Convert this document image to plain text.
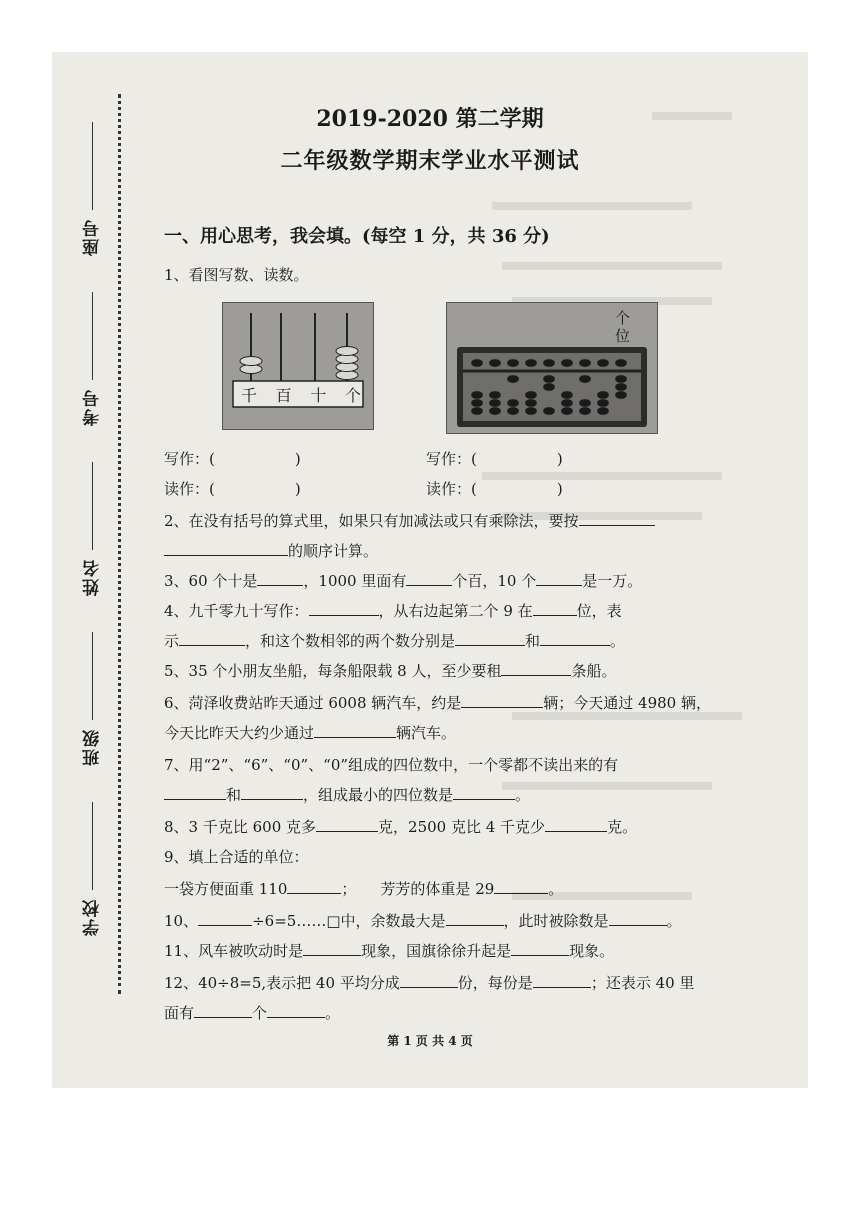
座号
考号
姓名
班级
学校
2019-2020 第二学期
二年级数学期末学业水平测试
一、用心思考，我会填。(每空 1 分，共 36 分)
1、看图写数、读数。
千 百 十 个
个位
写作：(	)	写作：(	)
读作：(	)	读作：(	)
2、在没有括号的算式里，如果只有加减法或只有乘除法，要按
的顺序计算。
3、60 个十是	，1000 里面有	个百，10 个	是一万。
4、九千零九十写作：	，从右边起第二个 9 在	位，表
示	，和这个数相邻的两个数分别是	和	。
5、35 个小朋友坐船，每条船限载 8 人，至少要租	条船。
6、菏泽收费站昨天通过 6008 辆汽车，约是	辆；今天通过 4980 辆，
今天比昨天大约少通过	辆汽车。
7、用“2”、“6”、“0”、“0”组成的四位数中，一个零都不读出来的有
和	，组成最小的四位数是	。
8、3 千克比 600 克多	克，2500 克比 4 千克少	克。
9、填上合适的单位：
一袋方便面重 110	； 芳芳的体重是 29	。
10、	÷6=5……□中，余数最大是	，此时被除数是	。
11、风车被吹动时是	现象，国旗徐徐升起是	现象。
12、40÷8=5,表示把 40 平均分成	份，每份是	；还表示 40 里
面有	个	。
第 1 页 共 4 页
